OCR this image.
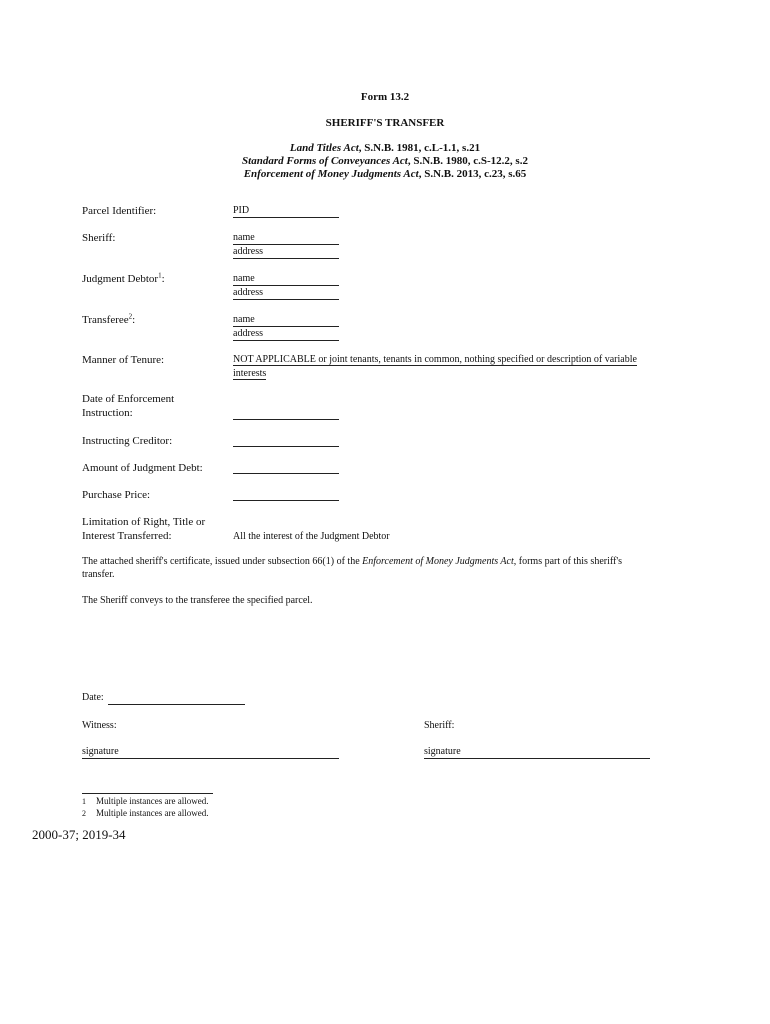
Form 13.2
SHERIFF'S TRANSFER
Land Titles Act, S.N.B. 1981, c.L-1.1, s.21
Standard Forms of Conveyances Act, S.N.B. 1980, c.S-12.2, s.2
Enforcement of Money Judgments Act, S.N.B. 2013, c.23, s.65
Parcel Identifier:	PID
Sheriff:	name
address
Judgment Debtor$^1$:	name
address
Transferee$^2$:	name
address
Manner of Tenure:	NOT APPLICABLE or joint tenants, tenants in common, nothing specified or description of variable interests
Date of Enforcement
Instruction:
Instructing Creditor:
Amount of Judgment Debt:
Purchase Price:
Limitation of Right, Title or
Interest Transferred:	All the interest of the Judgment Debtor
The attached sheriff's certificate, issued under subsection 66(1) of the Enforcement of Money Judgments Act, forms part of this sheriff's transfer.
The Sheriff conveys to the transferee the specified parcel.
Date:
Witness:	Sheriff:
signature	signature
1 Multiple instances are allowed.
2 Multiple instances are allowed.
2000-37; 2019-34
